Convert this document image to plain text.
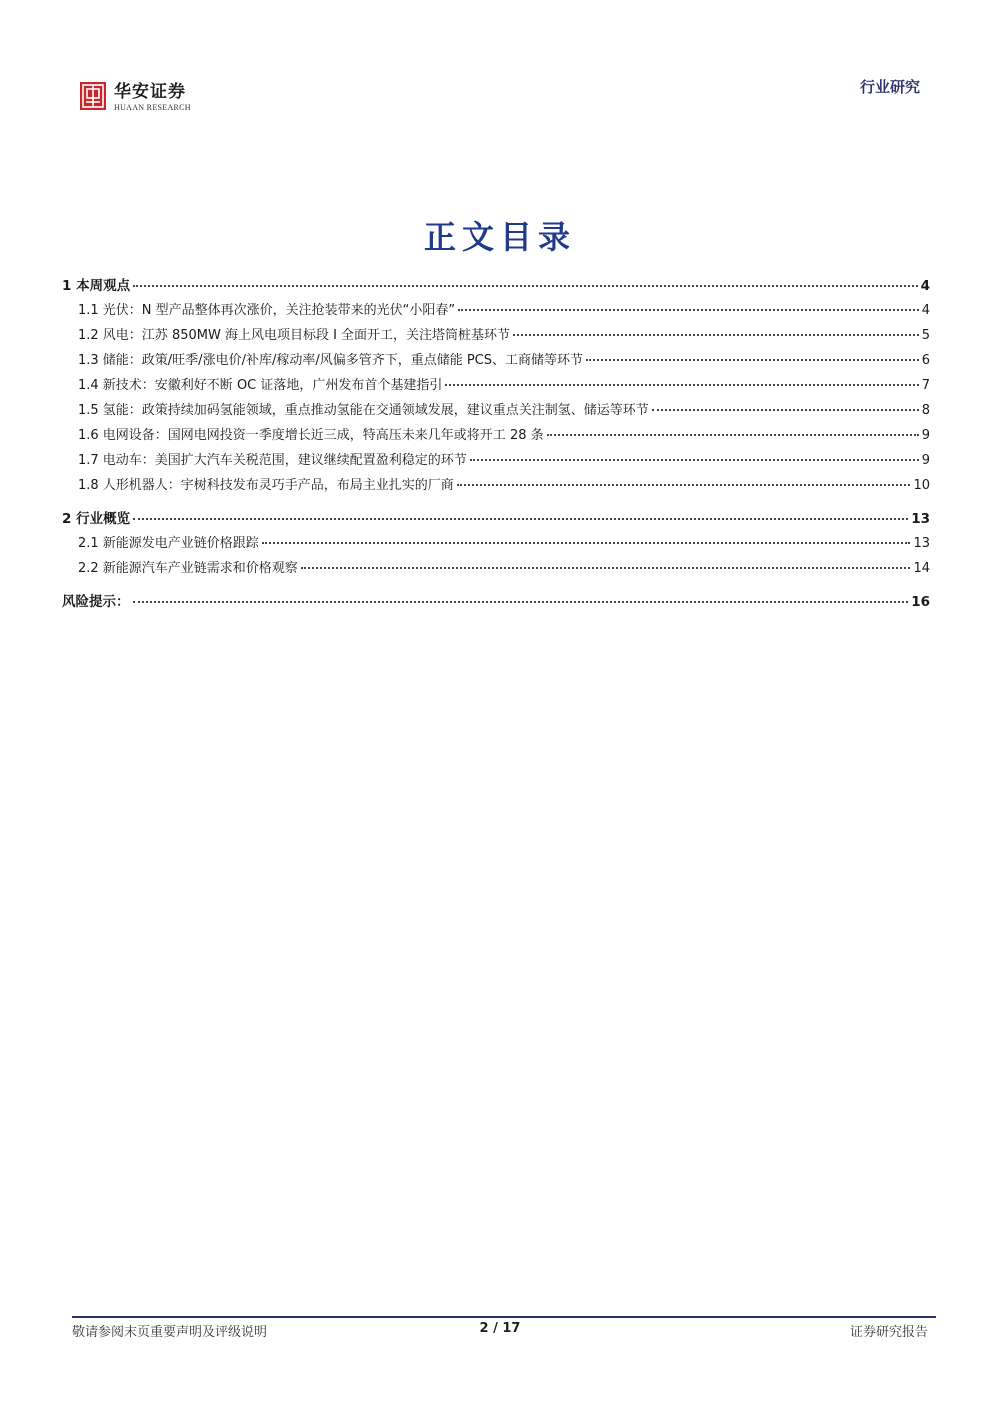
华安证券
HUAAN RESEARCH
行业研究
正文目录
1 本周观点	4
1.1 光伏：N 型产品整体再次涨价，关注抢装带来的光伏“小阳春”	4
1.2 风电：江苏 850MW 海上风电项目标段 I 全面开工，关注塔筒桩基环节	5
1.3 储能：政策/旺季/涨电价/补库/稼动率/风偏多管齐下，重点储能 PCS、工商储等环节	6
1.4 新技术：安徽利好不断 OC 证落地，广州发布首个基建指引	7
1.5 氢能：政策持续加码氢能领域，重点推动氢能在交通领域发展，建议重点关注制氢、储运等环节	8
1.6 电网设备：国网电网投资一季度增长近三成，特高压未来几年或将开工 28 条	9
1.7 电动车：美国扩大汽车关税范围，建议继续配置盈利稳定的环节	9
1.8 人形机器人：宇树科技发布灵巧手产品，布局主业扎实的厂商	10
2 行业概览	13
2.1 新能源发电产业链价格跟踪	13
2.2 新能源汽车产业链需求和价格观察	14
风险提示：	16
敬请参阅末页重要声明及评级说明	2 / 17	证券研究报告
